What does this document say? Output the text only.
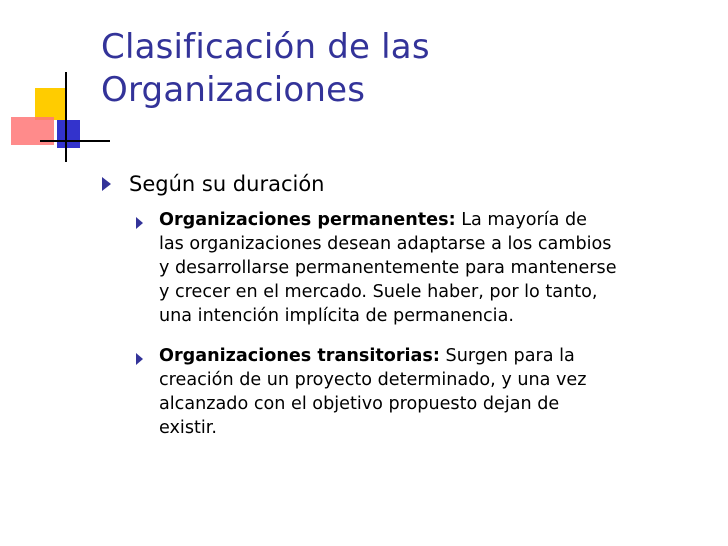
Clasificación de las
Organizaciones
Según su duración
Organizaciones permanentes: La mayoría de
las organizaciones desean adaptarse a los cambios
y desarrollarse permanentemente para mantenerse
y crecer en el mercado. Suele haber, por lo tanto,
una intención implícita de permanencia.
Organizaciones transitorias: Surgen para la
creación de un proyecto determinado, y una vez
alcanzado con el objetivo propuesto dejan de
existir.
